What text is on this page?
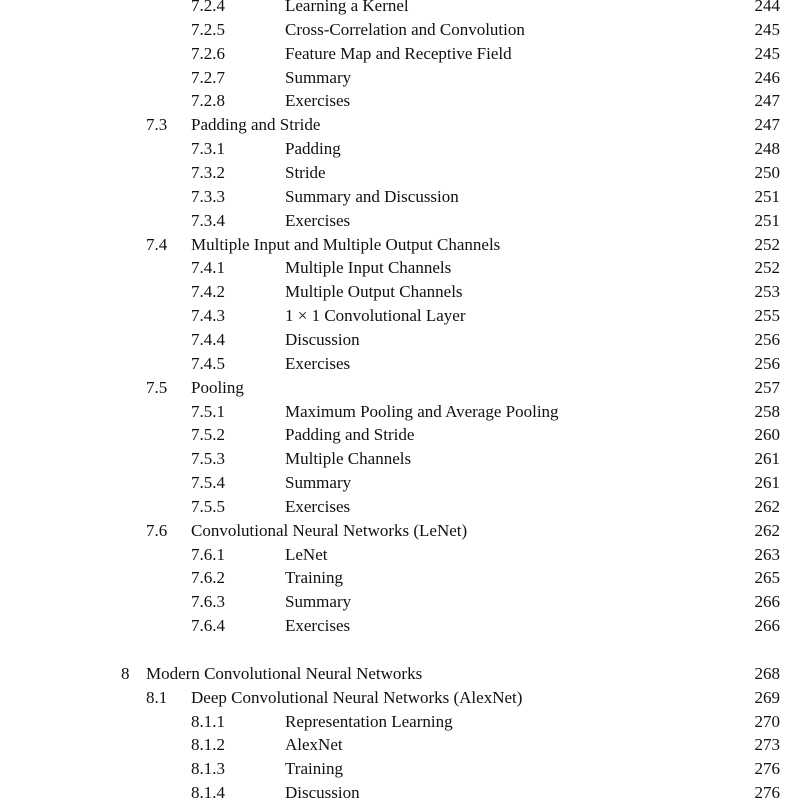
7.2.4	Learning a Kernel	244
7.2.5	Cross-Correlation and Convolution	245
7.2.6	Feature Map and Receptive Field	245
7.2.7	Summary	246
7.2.8	Exercises	247
7.3 Padding and Stride	247
7.3.1	Padding	248
7.3.2	Stride	250
7.3.3	Summary and Discussion	251
7.3.4	Exercises	251
7.4 Multiple Input and Multiple Output Channels	252
7.4.1	Multiple Input Channels	252
7.4.2	Multiple Output Channels	253
7.4.3	1 × 1 Convolutional Layer	255
7.4.4	Discussion	256
7.4.5	Exercises	256
7.5 Pooling	257
7.5.1	Maximum Pooling and Average Pooling	258
7.5.2	Padding and Stride	260
7.5.3	Multiple Channels	261
7.5.4	Summary	261
7.5.5	Exercises	262
7.6 Convolutional Neural Networks (LeNet)	262
7.6.1	LeNet	263
7.6.2	Training	265
7.6.3	Summary	266
7.6.4	Exercises	266
8 Modern Convolutional Neural Networks	268
8.1 Deep Convolutional Neural Networks (AlexNet)	269
8.1.1	Representation Learning	270
8.1.2	AlexNet	273
8.1.3	Training	276
8.1.4	Discussion	276
